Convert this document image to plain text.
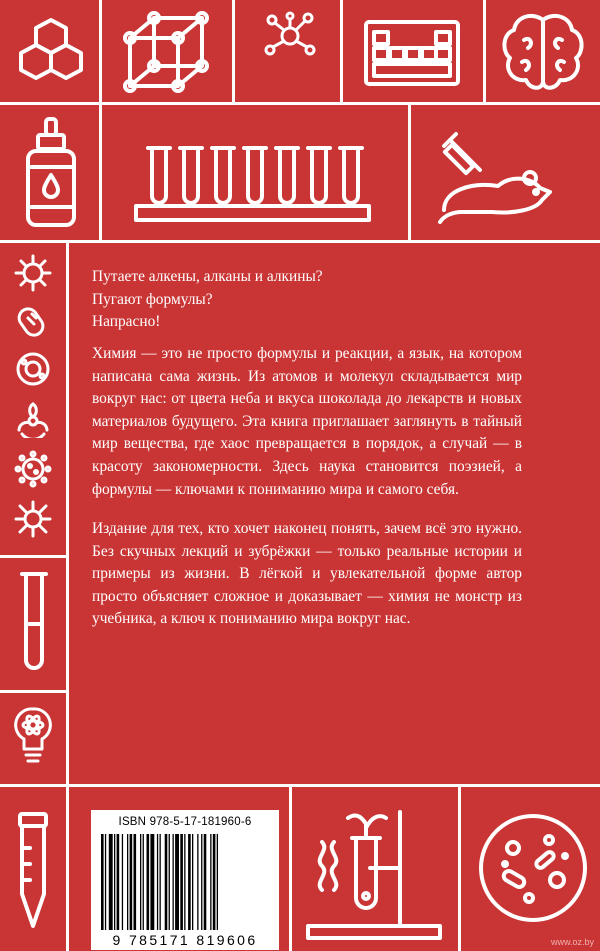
Путаете алкены, алканы и алкины?
Пугают формулы?
Напрасно!

Химия — это не просто формулы и реакции, а язык, на котором написана сама жизнь. Из атомов и молекул складывается мир вокруг нас: от цвета неба и вкуса шоколада до лекарств и новых материалов будущего. Эта книга приглашает заглянуть в тайный мир вещества, где хаос превращается в порядок, а случай — в красоту закономерности. Здесь наука становится поэзией, а формулы — ключами к пониманию мира и самого себя.

Издание для тех, кто хочет наконец понять, зачем всё это нужно. Без скучных лекций и зубрёжки — только реальные истории и примеры из жизни. В лёгкой и увлекательной форме автор просто объясняет сложное и доказывает — химия не монстр из учебника, а ключ к пониманию мира вокруг нас.

ISBN 978-5-17-181960-6
9 785171 819606	www.oz.by
